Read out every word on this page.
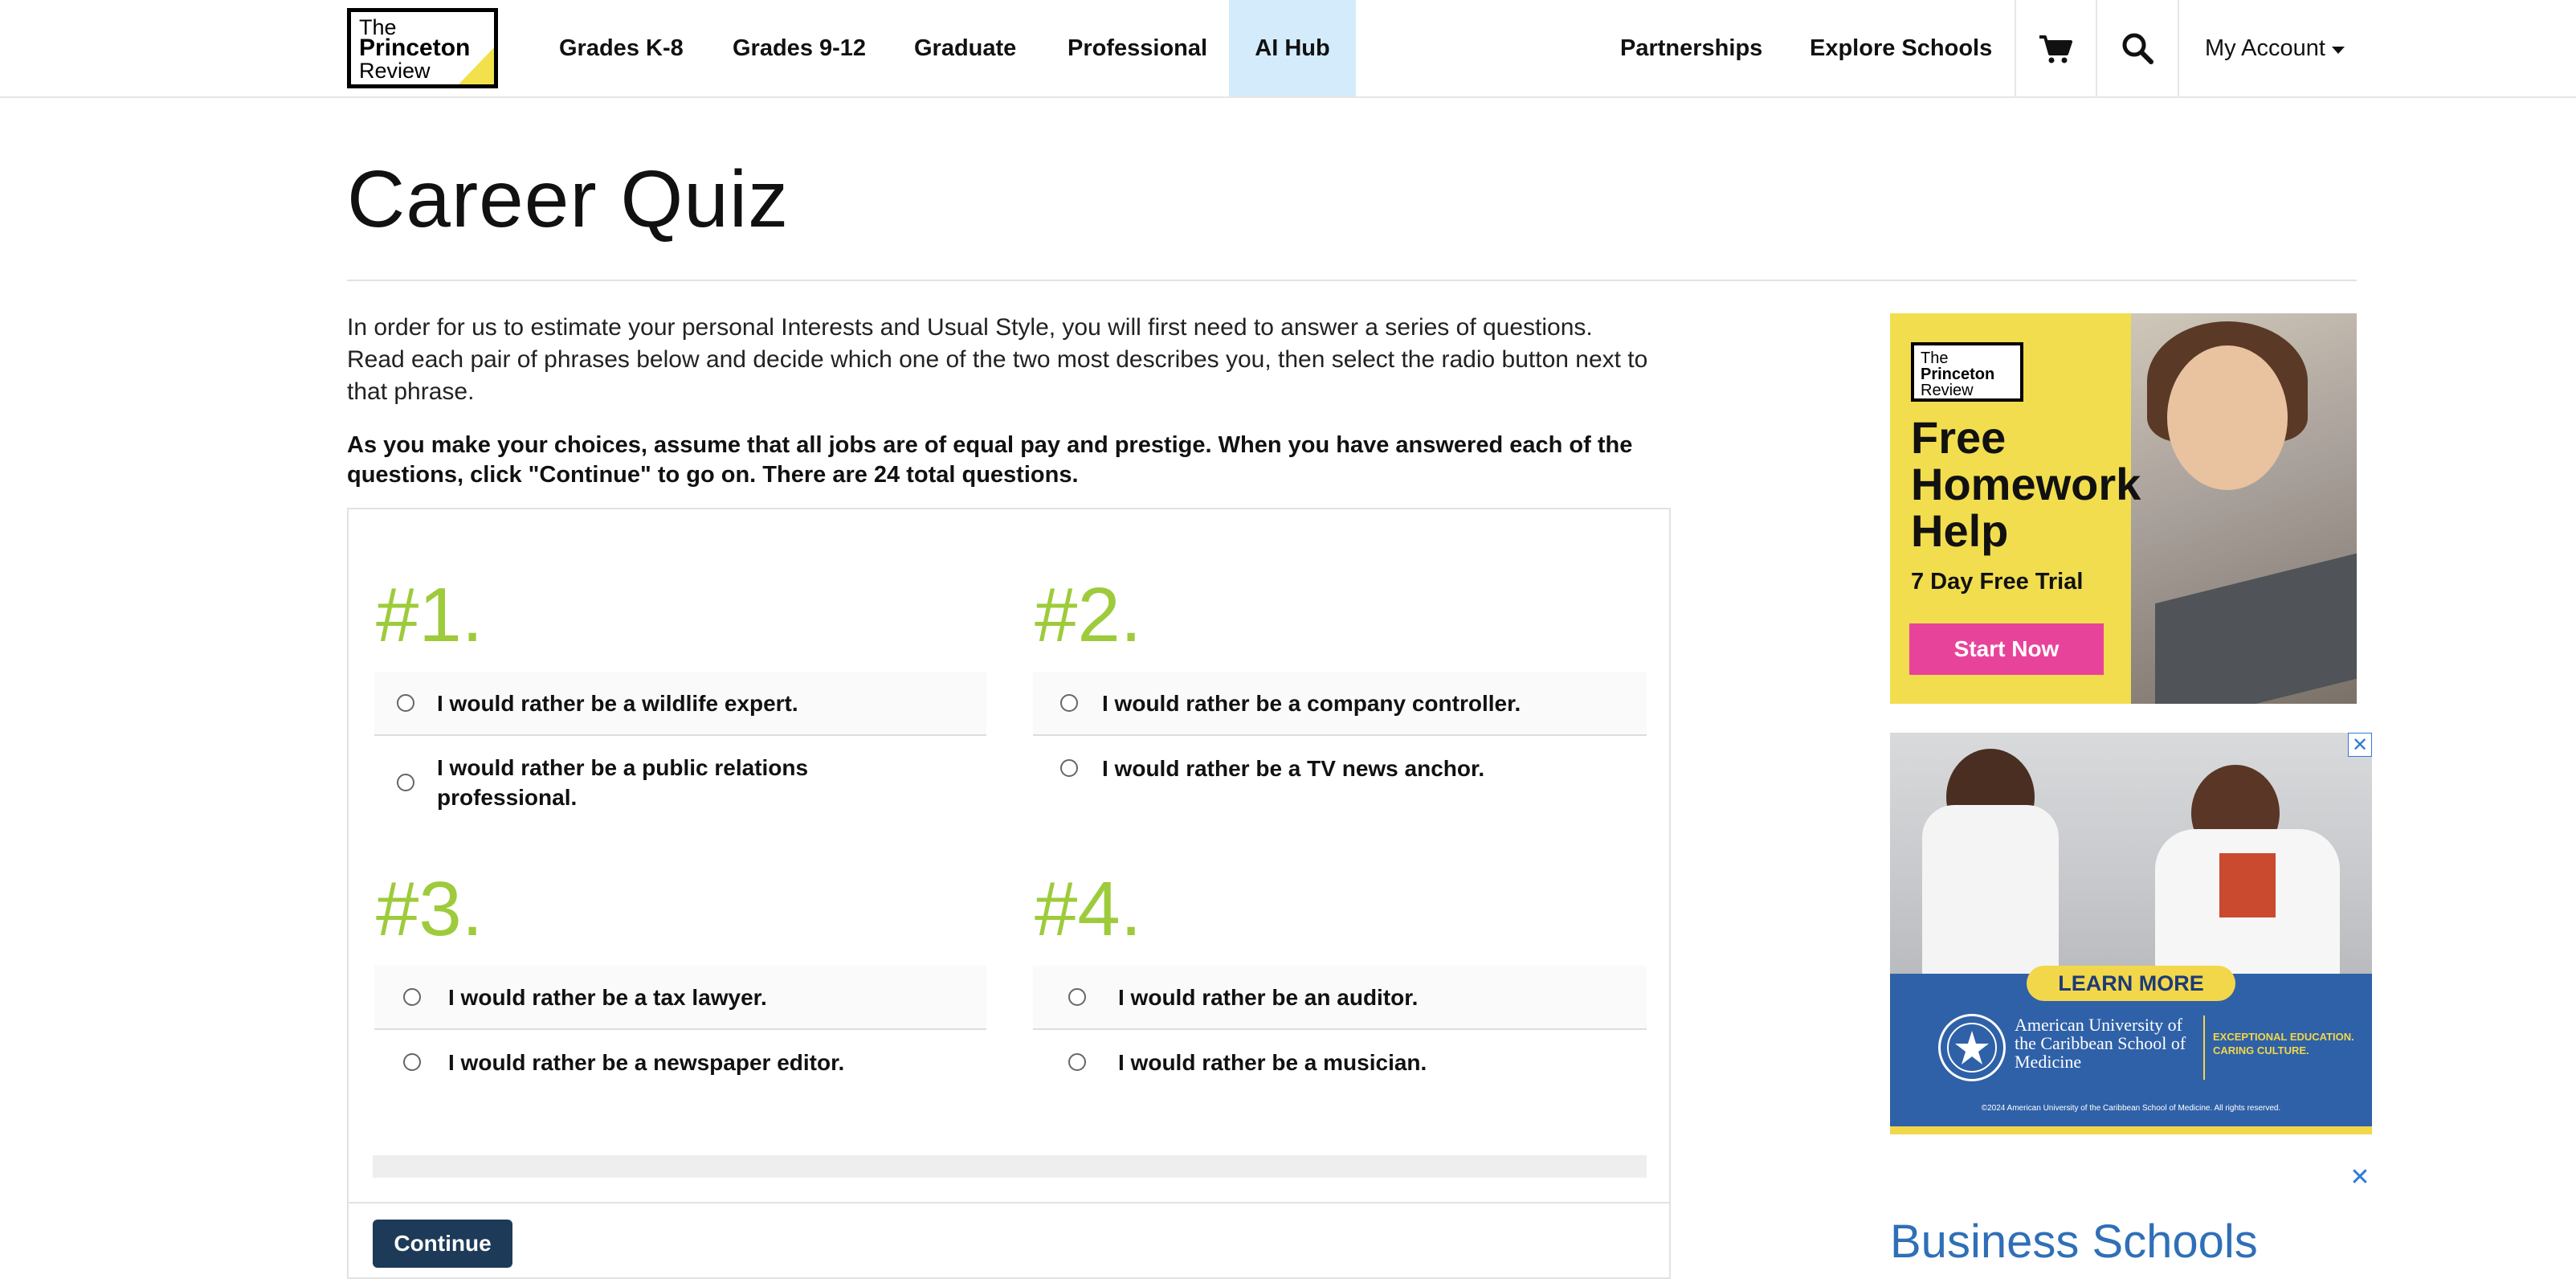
The
Princeton
Review
Grades K-8 Grades 9-12 Graduate Professional	AI Hub	Partnerships Explore Schools	My Account
Career Quiz
In order for us to estimate your personal Interests and Usual Style, you will first need to answer a series of questions. Read each pair of phrases below and decide which one of the two most describes you, then select the radio button next to that phrase.
As you make your choices, assume that all jobs are of equal pay and prestige. When you have answered each of the questions, click "Continue" to go on. There are 24 total questions.
#1.
I would rather be a wildlife expert.
I would rather be a public relations professional.
#2.
I would rather be a company controller.
I would rather be a TV news anchor.
#3.
I would rather be a tax lawyer.
I would rather be a newspaper editor.
#4.
I would rather be an auditor.
I would rather be a musician.
Continue
The
Princeton
Review
Free Homework Help
7 Day Free Trial
Start Now
LEARN MORE
American University of the Caribbean School of Medicine
EXCEPTIONAL EDUCATION. CARING CULTURE.
©2024 American University of the Caribbean School of Medicine. All rights reserved.
✕
✕
Business Schools
